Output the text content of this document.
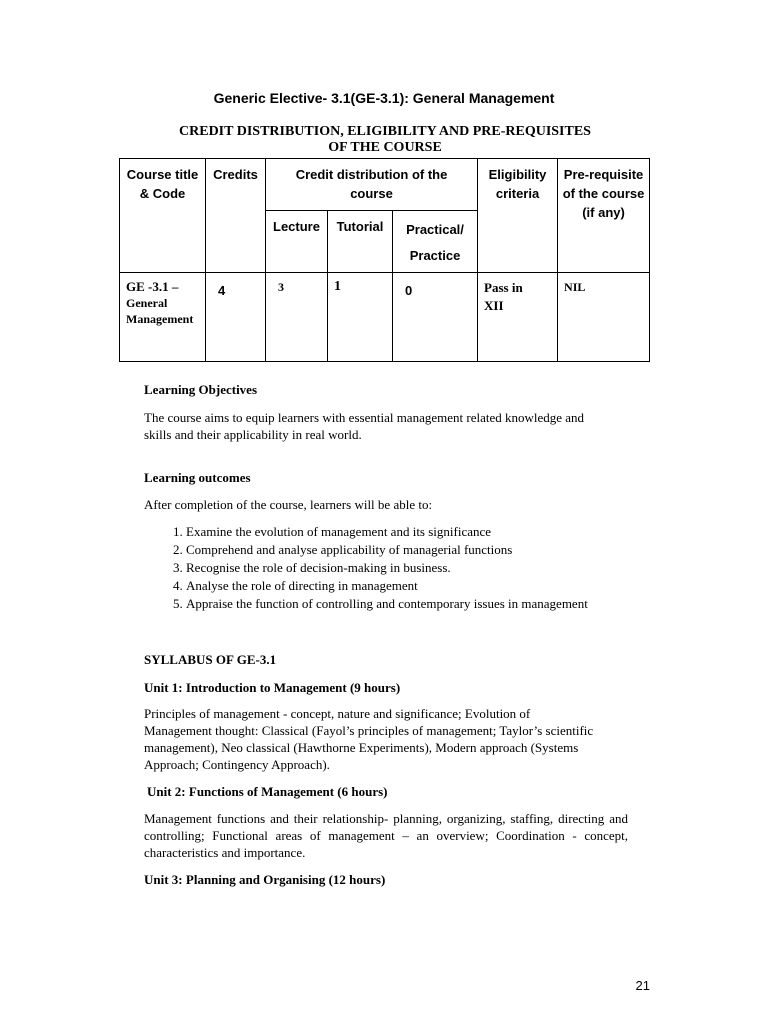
Generic Elective- 3.1(GE-3.1): General Management
CREDIT DISTRIBUTION, ELIGIBILITY AND PRE-REQUISITES
OF THE COURSE
Course title & Code	Credits	Credit distribution of the course			Eligibility criteria	Pre-requisite of the course (if any)

		Lecture	Tutorial	Practical/ Practice		

GE -3.1 –
General Management	4	3	1	0	Pass in XII	NIL
Learning Objectives
The course aims to equip learners with essential management related knowledge and skills and their applicability in real world.
Learning outcomes
After completion of the course, learners will be able to:
1. Examine the evolution of management and its significance
2. Comprehend and analyse applicability of managerial functions
3. Recognise the role of decision-making in business.
4. Analyse the role of directing in management
5. Appraise the function of controlling and contemporary issues in management
SYLLABUS OF GE-3.1
Unit 1: Introduction to Management (9 hours)
Principles of management - concept, nature and significance; Evolution of Management thought: Classical (Fayol’s principles of management; Taylor’s scientific management), Neo classical (Hawthorne Experiments), Modern approach (Systems Approach; Contingency Approach).
Unit 2: Functions of Management (6 hours)
Management functions and their relationship- planning, organizing, staffing, directing and controlling; Functional areas of management – an overview; Coordination - concept, characteristics and importance.
Unit 3: Planning and Organising (12 hours)
21
